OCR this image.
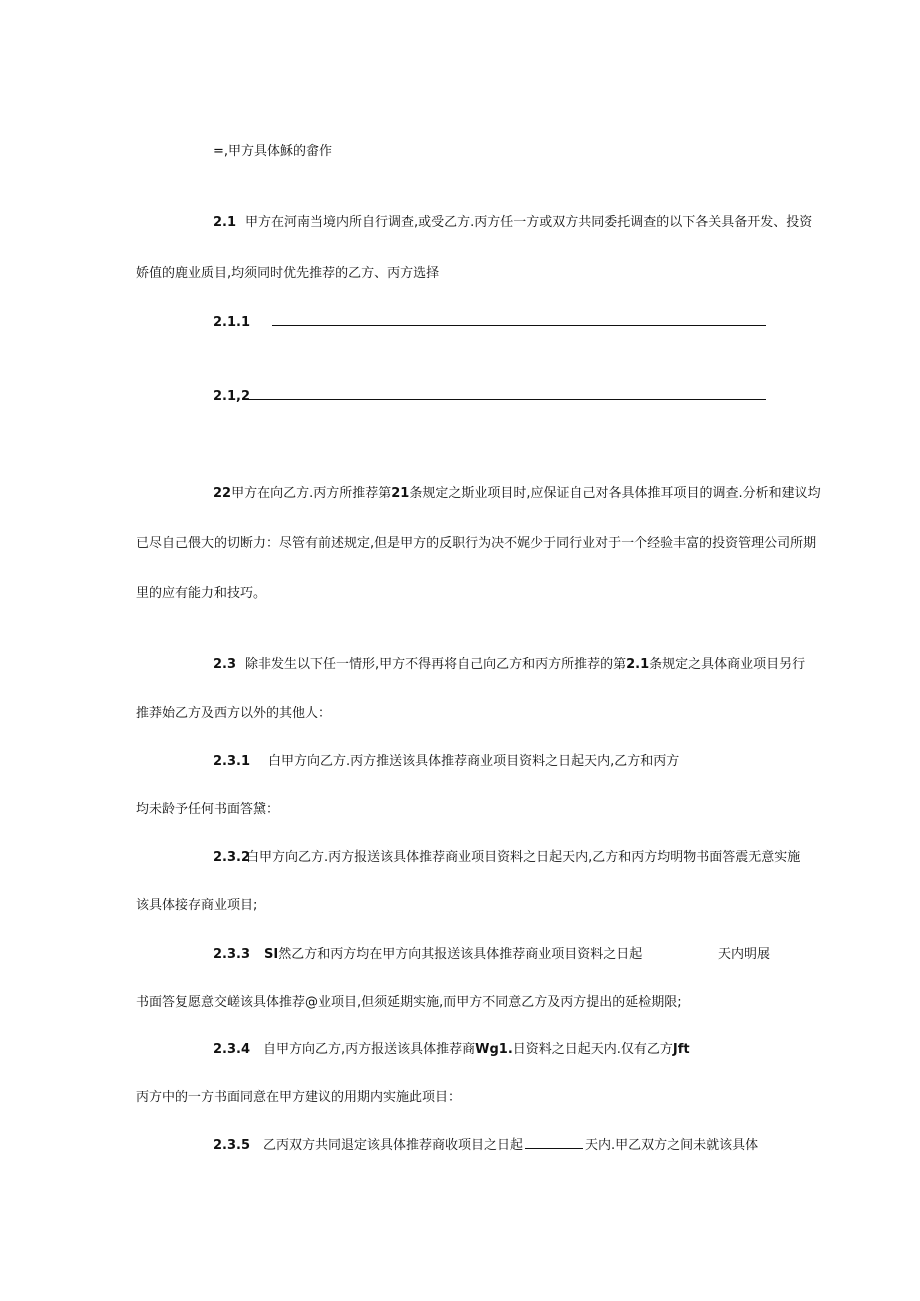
=,甲方具体穌的畲作
2.1 甲方在河南当境内所自行调查,或受乙方.丙方任一方或双方共同委托调查的以下各关具备开发、投资
娇值的鹿业质目,均须同时优先推荐的乙方、丙方选择
2.1.1
2.1,2
22甲方在向乙方.丙方所推荐第21条规定之斯业项目时,应保证自己对各具体推耳项目的调查.分析和建议均
已尽自己偎大的切断力：尽管有前述规定,但是甲方的反职行为决不娓少于同行业对于一个经验丰富的投资管理公司所期
里的应有能力和技巧。
2.3 除非发生以下任一情形,甲方不得再将自己向乙方和丙方所推荐的第2.1条规定之具体商业项目另行
推莽始乙方及西方以外的其他人：
2.3.1 白甲方向乙方.丙方推送该具体推荐商业项目资料之日起天内,乙方和丙方
均未龄予任何书面答黛：
2.3.2白甲方向乙方.丙方报送该具体推荐商业项目资料之日起天内,乙方和丙方均明物书面答震无意实施
该具体接存商业项目;
2.3.3 SI然乙方和丙方均在甲方向其报送该具体推荐商业项目资料之日起	天内明展
书面答复愿意交嵯该具体推荐@业项目,但须延期实施,而甲方不同意乙方及丙方提出的延检期限;
2.3.4 自甲方向乙方,丙方报送该具体推荐商Wg1.日资料之日起天内.仅有乙方Jft
丙方中的一方书面同意在甲方建议的用期内实施此项目：
2.3.5 乙丙双方共同退定该具体推荐商收项目之日起	天内.甲乙双方之间未就该具体
